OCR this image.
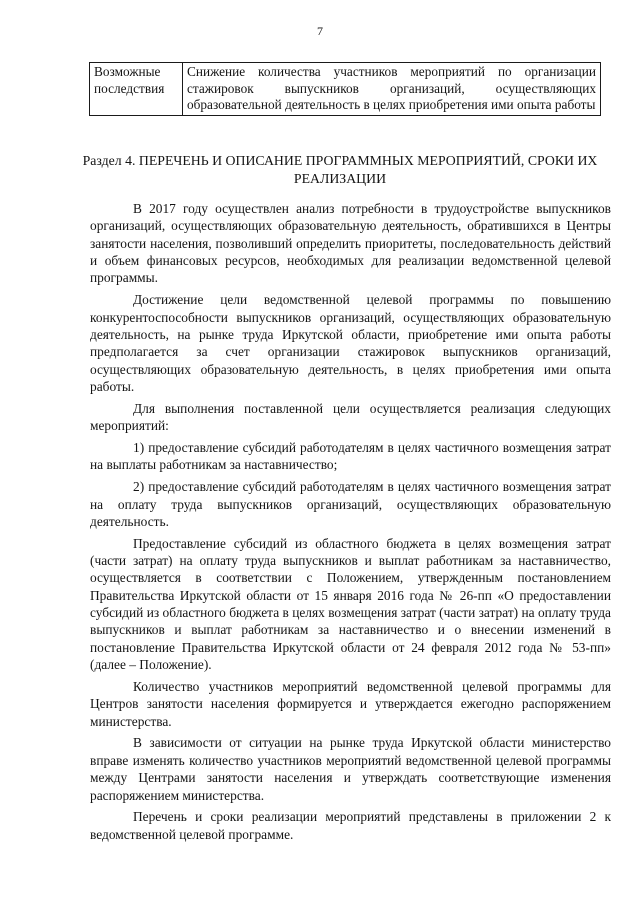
7
Возможные последствия	Снижение количества участников мероприятий по организации стажировок выпускников организаций, осуществляющих образовательной деятельность в целях приобретения ими опыта работы
Раздел 4. ПЕРЕЧЕНЬ И ОПИСАНИЕ ПРОГРАММНЫХ МЕРОПРИЯТИЙ, СРОКИ ИХ РЕАЛИЗАЦИИ

В 2017 году осуществлен анализ потребности в трудоустройстве выпускников организаций, осуществляющих образовательную деятельность, обратившихся в Центры занятости населения, позволивший определить приоритеты, последовательность действий и объем финансовых ресурсов, необходимых для реализации ведомственной целевой программы.

Достижение цели ведомственной целевой программы по повышению конкурентоспособности выпускников организаций, осуществляющих образовательную деятельность, на рынке труда Иркутской области, приобретение ими опыта работы предполагается за счет организации стажировок выпускников организаций, осуществляющих образовательную деятельность, в целях приобретения ими опыта работы.

Для выполнения поставленной цели осуществляется реализация следующих мероприятий:

1) предоставление субсидий работодателям в целях частичного возмещения затрат на выплаты работникам за наставничество;

2) предоставление субсидий работодателям в целях частичного возмещения затрат на оплату труда выпускников организаций, осуществляющих образовательную деятельность.

Предоставление субсидий из областного бюджета в целях возмещения затрат (части затрат) на оплату труда выпускников и выплат работникам за наставничество, осуществляется в соответствии с Положением, утвержденным постановлением Правительства Иркутской области от 15 января 2016 года № 26-пп «О предоставлении субсидий из областного бюджета в целях возмещения затрат (части затрат) на оплату труда выпускников и выплат работникам за наставничество и о внесении изменений в постановление Правительства Иркутской области от 24 февраля 2012 года № 53-пп» (далее – Положение).

Количество участников мероприятий ведомственной целевой программы для Центров занятости населения формируется и утверждается ежегодно распоряжением министерства.

В зависимости от ситуации на рынке труда Иркутской области министерство вправе изменять количество участников мероприятий ведомственной целевой программы между Центрами занятости населения и утверждать соответствующие изменения распоряжением министерства.

Перечень и сроки реализации мероприятий представлены в приложении 2 к ведомственной целевой программе.
